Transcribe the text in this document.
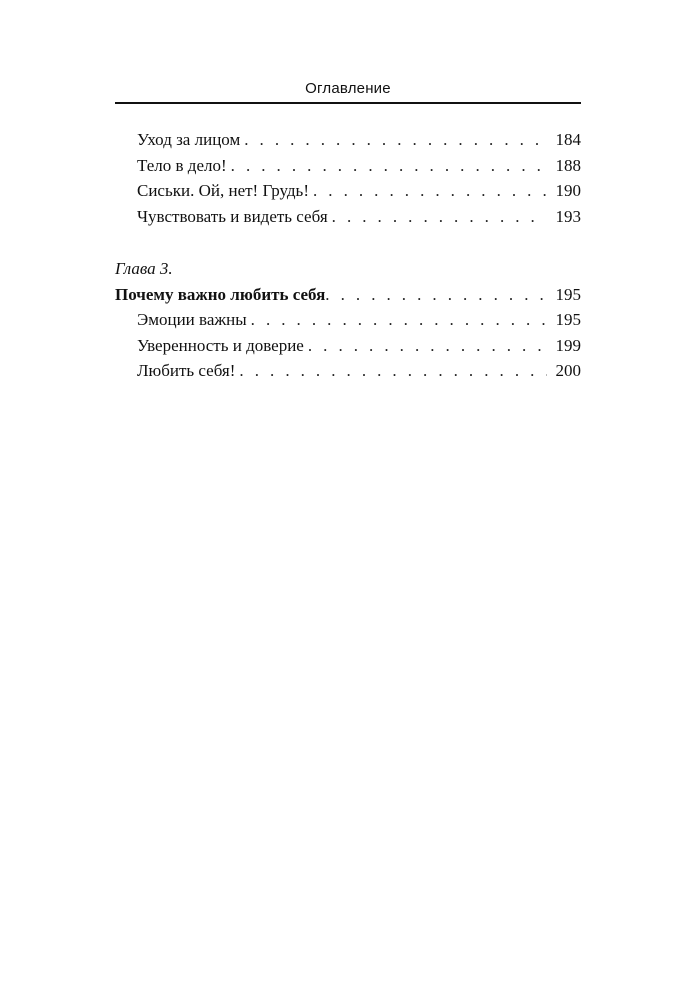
Оглавление
Уход за лицом . . .	184
Тело в дело! . . .	188
Сиськи. Ой, нет! Грудь! . . .	190
Чувствовать и видеть себя . . .	193
Глава 3.
Почему важно любить себя . . .	195
Эмоции важны . . .	195
Уверенность и доверие . . .	199
Любить себя! . . .	200
